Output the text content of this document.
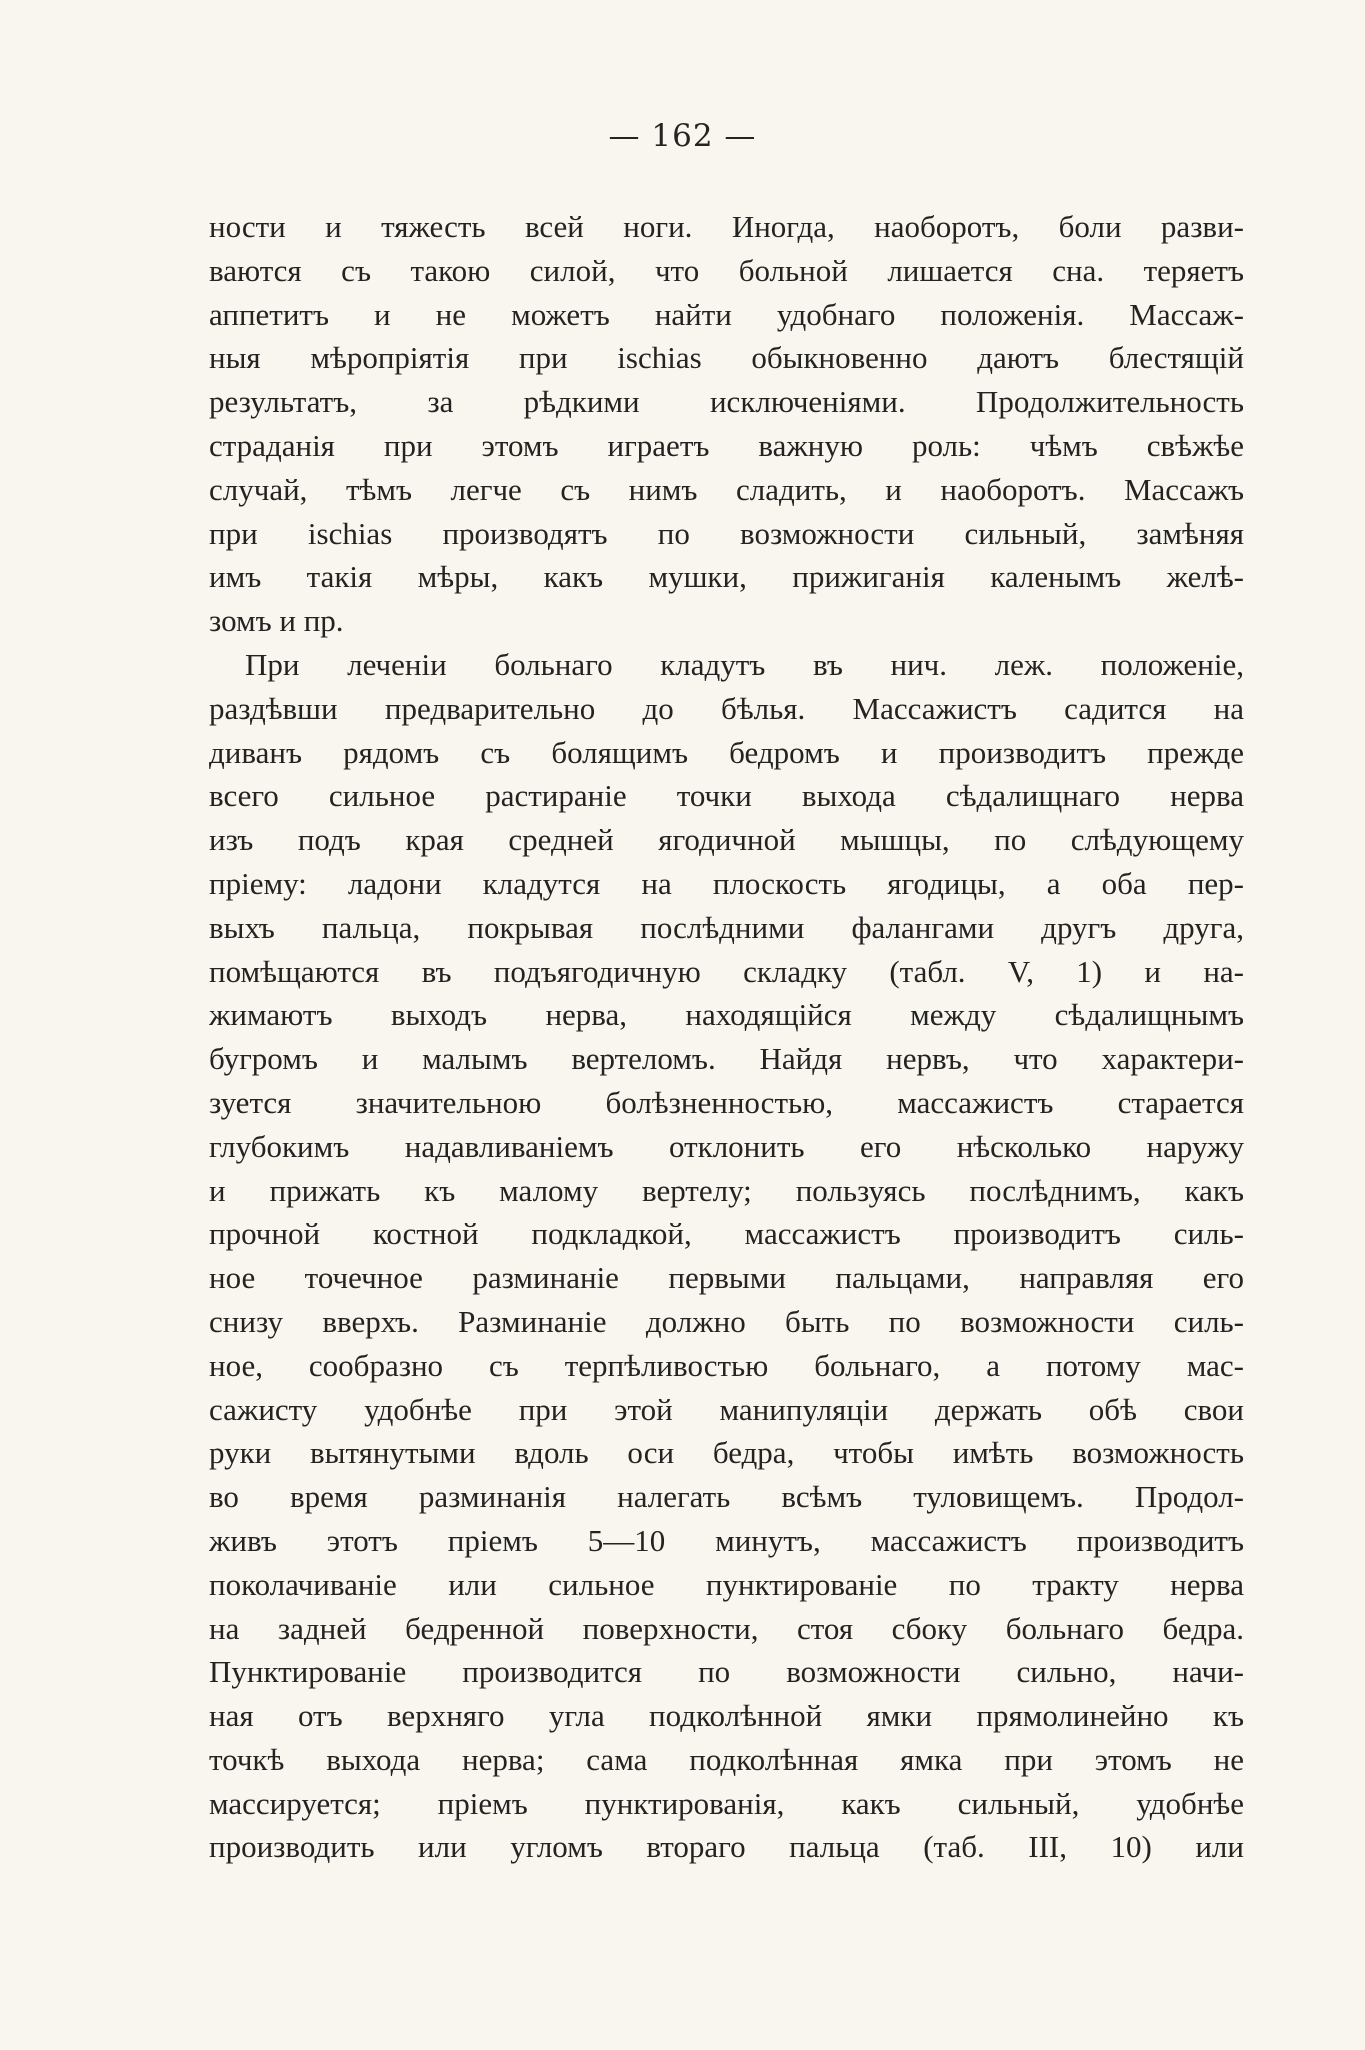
— 162 —
ности и тяжесть всей ноги. Иногда, наоборотъ, боли разви-
ваются съ такою силой, что больной лишается сна. теряетъ
аппетитъ и не можетъ найти удобнаго положенія. Массаж-
ныя мѣропріятія при ischias обыкновенно даютъ блестящій
результатъ, за рѣдкими исключеніями. Продолжительность
страданія при этомъ играетъ важную роль: чѣмъ свѣжѣе
случай, тѣмъ легче съ нимъ сладить, и наоборотъ. Массажъ
при ischias производятъ по возможности сильный, замѣняя
имъ такія мѣры, какъ мушки, прижиганія каленымъ желѣ-
зомъ и пр.
При леченіи больнаго кладутъ въ нич. леж. положеніе,
раздѣвши предварительно до бѣлья. Массажистъ садится на
диванъ рядомъ съ болящимъ бедромъ и производитъ прежде
всего сильное растираніе точки выхода сѣдалищнаго нерва
изъ подъ края средней ягодичной мышцы, по слѣдующему
пріему: ладони кладутся на плоскость ягодицы, а оба пер-
выхъ пальца, покрывая послѣдними фалангами другъ друга,
помѣщаются въ подъягодичную складку (табл. V, 1) и на-
жимаютъ выходъ нерва, находящійся между сѣдалищнымъ
бугромъ и малымъ вертеломъ. Найдя нервъ, что характери-
зуется значительною болѣзненностью, массажистъ старается
глубокимъ надавливаніемъ отклонить его нѣсколько наружу
и прижать къ малому вертелу; пользуясь послѣднимъ, какъ
прочной костной подкладкой, массажистъ производитъ силь-
ное точечное разминаніе первыми пальцами, направляя его
снизу вверхъ. Разминаніе должно быть по возможности силь-
ное, сообразно съ терпѣливостью больнаго, а потому мас-
сажисту удобнѣе при этой манипуляціи держать обѣ свои
руки вытянутыми вдоль оси бедра, чтобы имѣть возможность
во время разминанія налегать всѣмъ туловищемъ. Продол-
живъ этотъ пріемъ 5—10 минутъ, массажистъ производитъ
поколачиваніе или сильное пунктированіе по тракту нерва
на задней бедренной поверхности, стоя сбоку больнаго бедра.
Пунктированіе производится по возможности сильно, начи-
ная отъ верхняго угла подколѣнной ямки прямолинейно къ
точкѣ выхода нерва; сама подколѣнная ямка при этомъ не
массируется; пріемъ пунктированія, какъ сильный, удобнѣе
производить или угломъ втораго пальца (таб. III, 10) или
